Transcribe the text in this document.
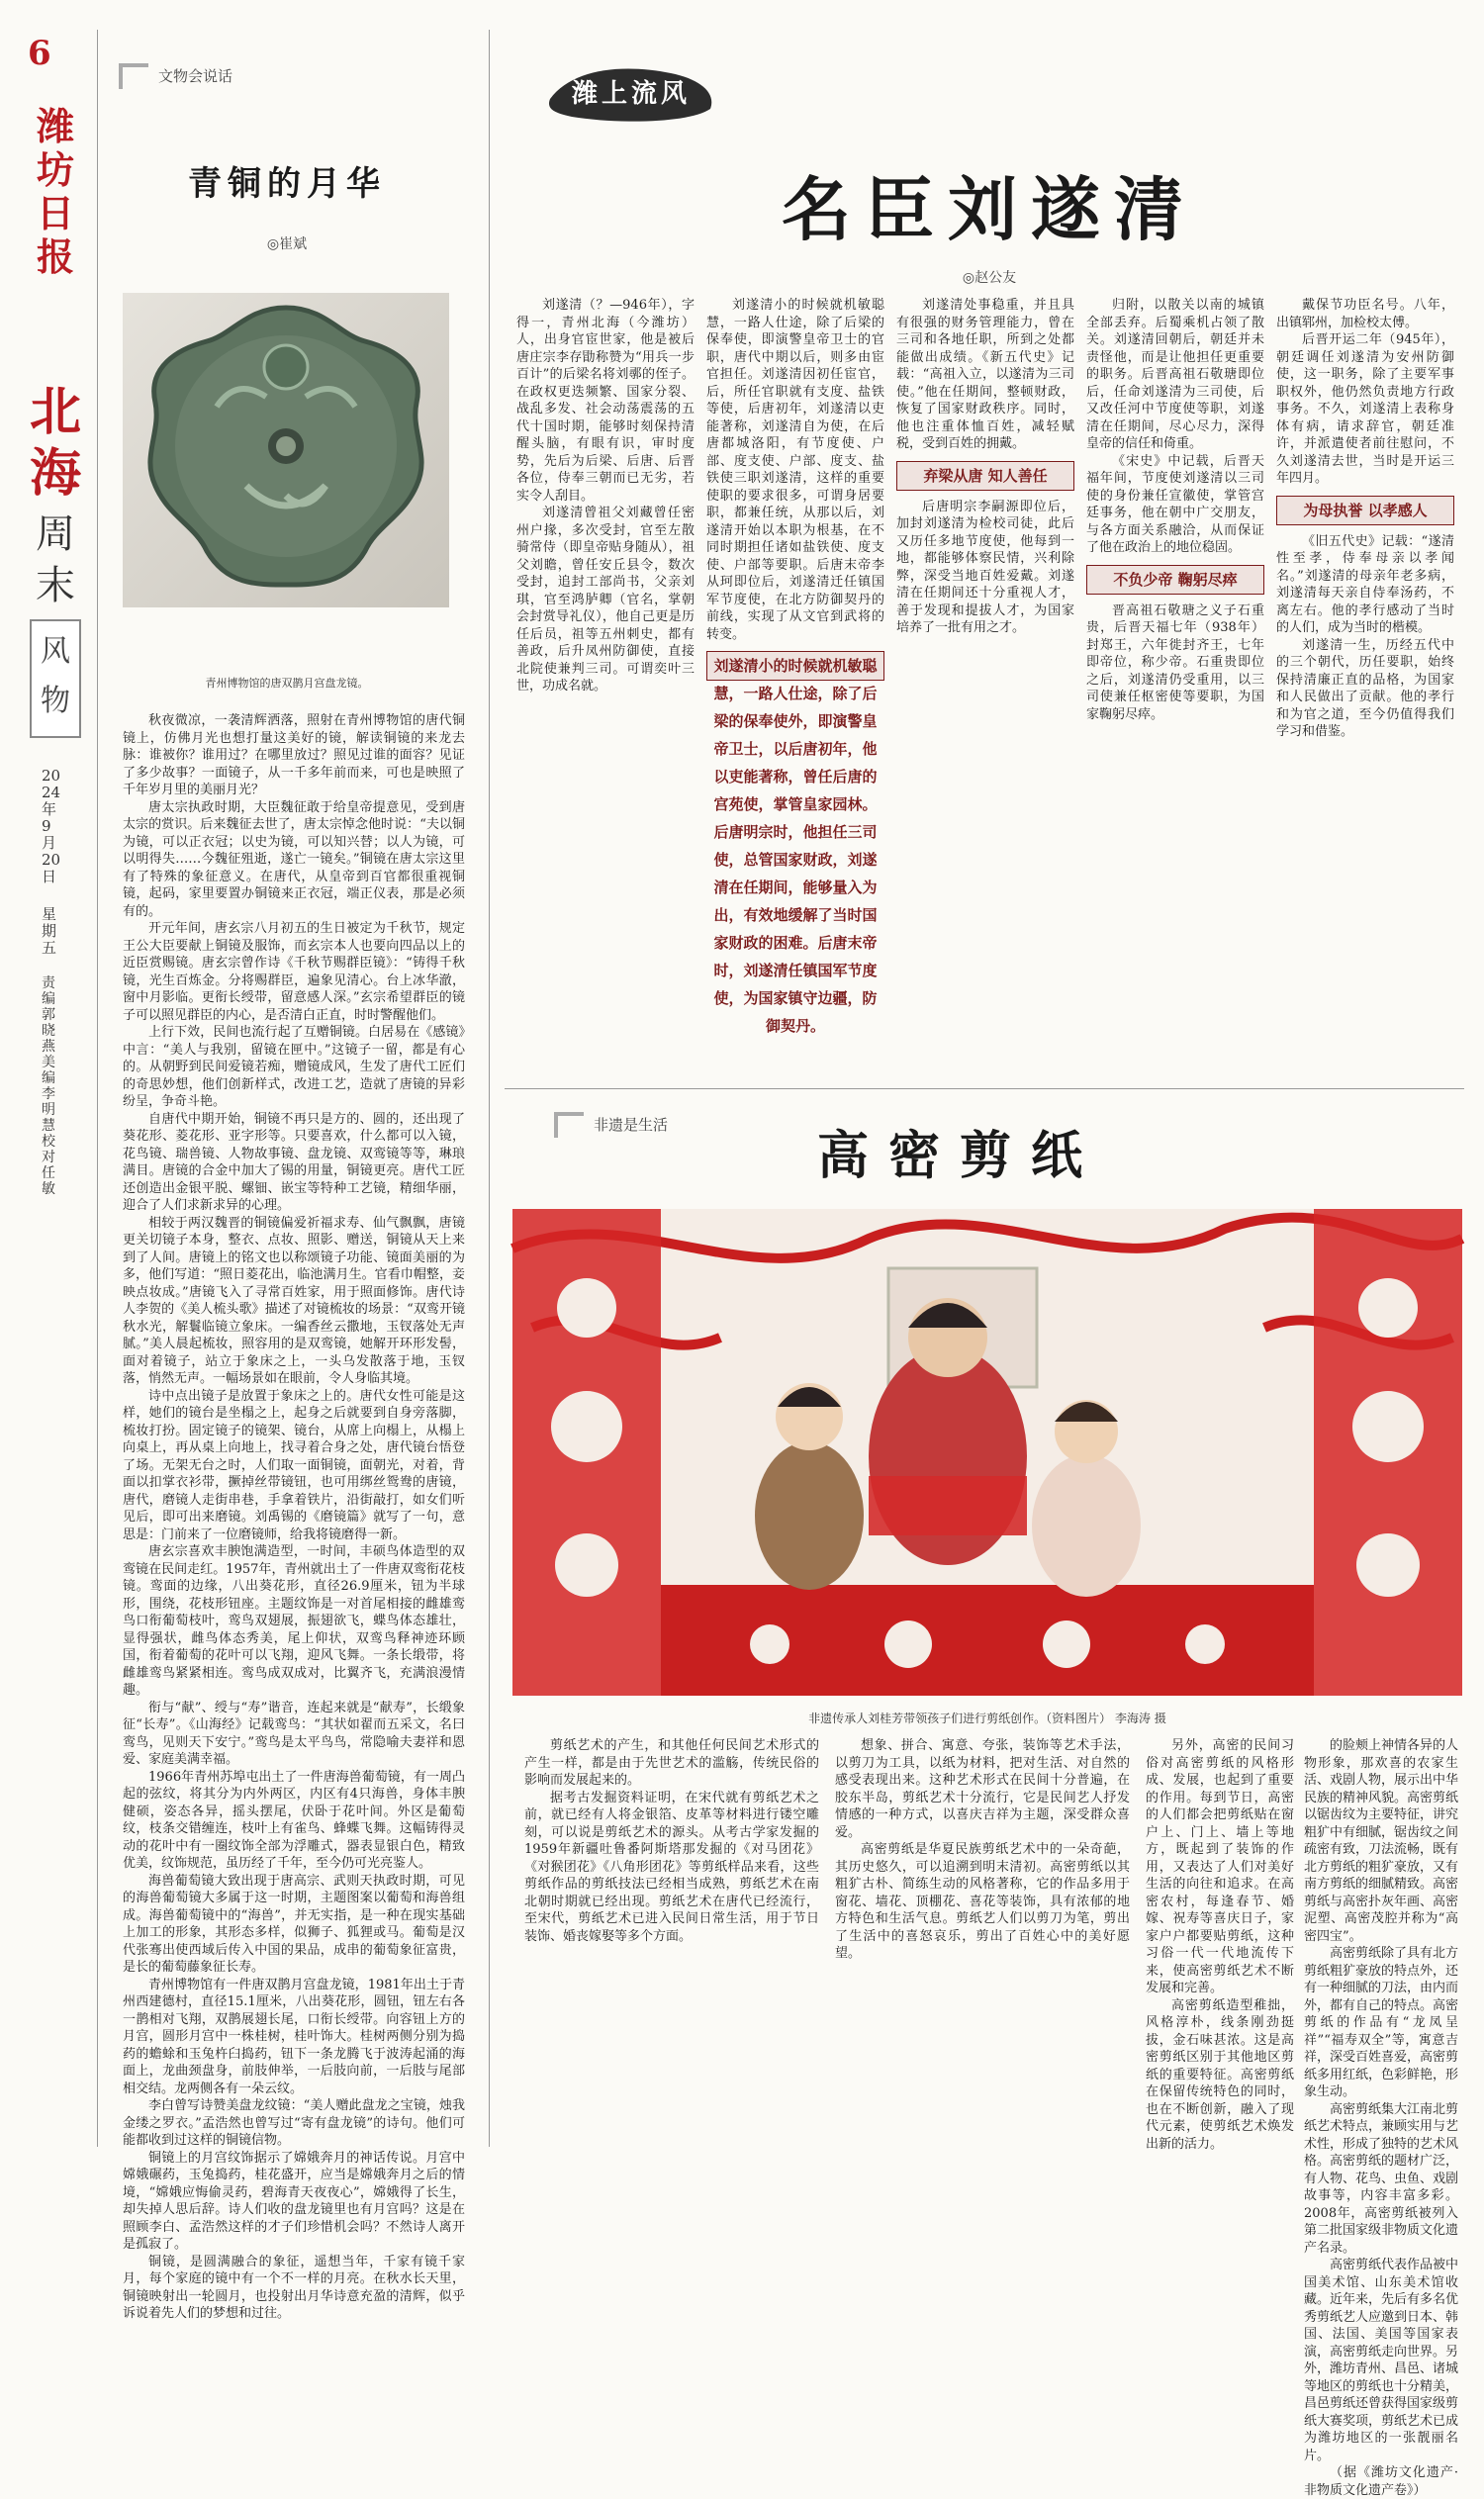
6
潍坊日报
北海
周末
风物
2024年9月20日
星期五
责编 郭晓燕 美编 李明慧 校对 任敏
文物会说话
青铜的月华
◎崔斌
青州博物馆的唐双鹊月宫盘龙镜。

秋夜微凉，一袭清辉洒落，照射在青州博物馆的唐代铜镜上，仿佛月光也想打量这美好的镜，解读铜镜的来龙去脉：谁被你？谁用过？在哪里放过？照见过谁的面容？见证了多少故事？一面镜子，从一千多年前而来，可也是映照了千年岁月里的美丽月光？

唐太宗执政时期，大臣魏征敢于给皇帝提意见，受到唐太宗的赏识。后来魏征去世了，唐太宗悼念他时说：“夫以铜为镜，可以正衣冠；以史为镜，可以知兴替；以人为镜，可以明得失……今魏征殂逝，遂亡一镜矣。”铜镜在唐太宗这里有了特殊的象征意义。在唐代，从皇帝到百官都很重视铜镜，起码，家里要置办铜镜来正衣冠，端正仪表，那是必须有的。

开元年间，唐玄宗八月初五的生日被定为千秋节，规定王公大臣要献上铜镜及服饰，而玄宗本人也要向四品以上的近臣赏赐镜。唐玄宗曾作诗《千秋节赐群臣镜》：“铸得千秋镜，光生百炼金。分将赐群臣，遍象见清心。台上冰华澈，窗中月影临。更衔长绶带，留意感人深。”玄宗希望群臣的镜子可以照见群臣的内心，是否清白正直，时时警醒他们。

上行下效，民间也流行起了互赠铜镜。白居易在《感镜》中言：“美人与我别，留镜在匣中。”这镜子一留，都是有心的。从朝野到民间爱镜若痴，赠镜成风，生发了唐代工匠们的奇思妙想，他们创新样式，改进工艺，造就了唐镜的异彩纷呈，争奇斗艳。

自唐代中期开始，铜镜不再只是方的、圆的，还出现了葵花形、菱花形、亚字形等。只要喜欢，什么都可以入镜，花鸟镜、瑞兽镜、人物故事镜、盘龙镜、双鸾镜等等，琳琅满目。唐镜的合金中加大了锡的用量，铜镜更亮。唐代工匠还创造出金银平脱、螺钿、嵌宝等特种工艺镜，精细华丽，迎合了人们求新求异的心理。

相较于两汉魏晋的铜镜偏爱祈福求寿、仙气飘飘，唐镜更关切镜子本身，整衣、点妆、照影、赠送，铜镜从天上来到了人间。唐镜上的铭文也以称颂镜子功能、镜面美丽的为多，他们写道：“照日菱花出，临池满月生。官看巾帽整，妾映点妆成。”唐镜飞入了寻常百姓家，用于照面修饰。唐代诗人李贺的《美人梳头歌》描述了对镜梳妆的场景：“双鸾开镜秋水光，解鬟临镜立象床。一编香丝云撒地，玉钗落处无声腻。”美人晨起梳妆，照容用的是双鸾镜，她解开环形发髻，面对着镜子，站立于象床之上，一头乌发散落于地，玉钗落，悄然无声。一幅场景如在眼前，令人身临其境。

诗中点出镜子是放置于象床之上的。唐代女性可能是这样，她们的镜台是坐榻之上，起身之后就要到自身旁落脚，梳妆打扮。固定镜子的镜架、镜台，从席上向榻上，从榻上向桌上，再从桌上向地上，找寻着合身之处，唐代镜台悟登了场。无架无台之时，人们取一面铜镜，面朝光，对着，背面以扣掌衣衫带，撅掉丝带镜钮，也可用绑丝鸳鸯的唐镜，唐代，磨镜人走街串巷，手拿着铁片，沿街敲打，如女们听见后，即可出来磨镜。刘禹锡的《磨镜篇》就写了一句，意思是：门前来了一位磨镜师，给我将镜磨得一新。

唐玄宗喜欢丰腴饱满造型，一时间，丰硕鸟体造型的双鸾镜在民间走红。1957年，青州就出土了一件唐双鸾衔花枝镜。鸾面的边缘，八出葵花形，直径26.9厘米，钮为半球形，围绕，花枝形钮座。主题纹饰是一对首尾相接的雌雄鸾鸟口衔葡萄枝叶，鸾鸟双翅展，振翅欲飞，蝶鸟体态雄壮，显得强状，雌鸟体态秀美，尾上仰状，双鸾鸟释神迹环顾国，衔着葡萄的花叶可以飞翔，迎风飞舞。一条长缎带，将雌雄鸾鸟紧紧相连。鸾鸟成双成对，比翼齐飞，充满浪漫情趣。

衔与“献”、绶与“寿”谐音，连起来就是“献寿”，长缎象征“长寿”。《山海经》记载鸾鸟：“其状如翟而五采文，名曰鸾鸟，见则天下安宁。”鸾鸟是太平鸟鸟，常隐喻夫妻祥和恩爱、家庭美满幸福。

1966年青州苏埠屯出土了一件唐海兽葡萄镜，有一周凸起的弦纹，将其分为内外两区，内区有4只海兽，身体丰腴健硕，姿态各异，摇头摆尾，伏卧于花叶间。外区是葡萄纹，枝条交错缠连，枝叶上有雀鸟、蜂蝶飞舞。这幅铸得灵动的花叶中有一圈纹饰全部为浮雕式，器表显银白色，精致优美，纹饰规范，虽历经了千年，至今仍可光亮鉴人。

海兽葡萄镜大致出现于唐高宗、武则天执政时期，可见的海兽葡萄镜大多属于这一时期，主题图案以葡萄和海兽组成。海兽葡萄镜中的“海兽”，并无实指，是一种在现实基础上加工的形象，其形态多样，似狮子、狐狸或马。葡萄是汉代张骞出使西域后传入中国的果品，成串的葡萄象征富贵，是长的葡萄藤象征长寿。

青州博物馆有一件唐双鹊月宫盘龙镜，1981年出土于青州西建德村，直径15.1厘米，八出葵花形，圆钮，钮左右各一鹊相对飞翔，双鹊展翅长尾，口衔长绶带。向容钮上方的月宫，圆形月宫中一株桂树，桂叶饰大。桂树两侧分别为捣药的蟾蜍和玉兔杵臼捣药，钮下一条龙腾飞于波涛起涌的海面上，龙曲颈盘身，前肢伸举，一后肢向前，一后肢与尾部相交结。龙两侧各有一朵云纹。

李白曾写诗赞美盘龙纹镜：“美人赠此盘龙之宝镜，烛我金缕之罗衣。”孟浩然也曾写过“寄有盘龙镜”的诗句。他们可能都收到过这样的铜镜信物。

铜镜上的月宫纹饰据示了嫦娥奔月的神话传说。月宫中嫦娥碾药，玉兔捣药，桂花盛开，应当是嫦娥奔月之后的情境，“嫦娥应悔偷灵药，碧海青天夜夜心”，嫦娥得了长生，却失掉人思后辞。诗人们收的盘龙镜里也有月宫吗？这是在照顾李白、孟浩然这样的才子们珍惜机会吗？不然诗人离开是孤寂了。

铜镜，是圆满融合的象征，遥想当年，千家有镜千家月，每个家庭的镜中有一个不一样的月亮。在秋水长天里，铜镜映射出一轮圆月，也投射出月华诗意充盈的清辉，似乎诉说着先人们的梦想和过往。

潍上流风
名臣刘遂清
◎赵公友

刘遂清（？—946年），字得一，青州北海（今潍坊）人，出身官宦世家，他是被后唐庄宗李存勖称赞为“用兵一步百计”的后梁名将刘鄩的侄子。在政权更迭频繁、国家分裂、战乱多发、社会动荡震荡的五代十国时期，能够时刻保持清醒头脑，有眼有识，审时度势，先后为后梁、后唐、后晋各位，侍奉三朝而已无劣，若实令人刮目。

刘遂清曾祖父刘藏曾任密州户掾，多次受封，官至左散骑常侍（即皇帝贴身随从），祖父刘瞻，曾任安丘县令，数次受封，追封工部尚书，父亲刘琪，官至鸿胪卿（官名，掌朝会封赏导礼仪），他自己更是历任后员，祖等五州刺史，都有善政，后升凤州防御使，直接北院使兼判三司。可谓奕叶三世，功成名就。

刘遂清小的时候就机敏聪慧，一路人仕途，除了后梁的保奉使，即演警皇帝卫士的官职，唐代中期以后，则多由宦官担任。刘遂清因初任宦官，后，所任官职就有支度、盐铁等使，后唐初年，刘遂清以吏能著称，刘遂清自为使，在后唐都城洛阳，有节度使、户部、度支使、户部、度支、盐铁使三职刘遂清，这样的重要使职的要求很多，可谓身居要职，都兼任统，从那以后，刘遂清开始以本职为根基，在不同时期担任诸如盐铁使、度支使、户部等要职。后唐末帝李从珂即位后，刘遂清迁任镇国军节度使，在北方防御契丹的前线，实现了从文官到武将的转变。

刘遂清小的时候就机敏聪慧，一路人仕途，除了后梁的保奉使外，即演警皇帝卫士，以后唐初年，他以吏能著称，曾任后唐的宫苑使，掌管皇家园林。后唐明宗时，他担任三司使，总管国家财政，刘遂清在任期间，能够量入为出，有效地缓解了当时国家财政的困难。后唐末帝时，刘遂清任镇国军节度使，为国家镇守边疆，防御契丹。

刘遂清处事稳重，并且具有很强的财务管理能力，曾在三司和各地任职，所到之处都能做出成绩。《新五代史》记载：“高祖入立，以遂清为三司使。”他在任期间，整顿财政，恢复了国家财政秩序。同时，他也注重体恤百姓，减轻赋税，受到百姓的拥戴。

弃梁从唐 知人善任

后唐明宗李嗣源即位后，加封刘遂清为检校司徒，此后又历任多地节度使，他每到一地，都能够体察民情，兴利除弊，深受当地百姓爱戴。刘遂清在任期间还十分重视人才，善于发现和提拔人才，为国家培养了一批有用之才。

归附，以散关以南的城镇全部丢弃。后蜀乘机占领了散关。刘遂清回朝后，朝廷并未责怪他，而是让他担任更重要的职务。后晋高祖石敬瑭即位后，任命刘遂清为三司使，后又改任河中节度使等职，刘遂清在任期间，尽心尽力，深得皇帝的信任和倚重。

《宋史》中记载，后晋天福年间，节度使刘遂清以三司使的身份兼任宣徽使，掌管宫廷事务，他在朝中广交朋友，与各方面关系融洽，从而保证了他在政治上的地位稳固。

不负少帝 鞠躬尽瘁

晋高祖石敬瑭之义子石重贵，后晋天福七年（938年）封郑王，六年徙封齐王，七年即帝位，称少帝。石重贵即位之后，刘遂清仍受重用，以三司使兼任枢密使等要职，为国家鞠躬尽瘁。

戴保节功臣名号。八年，出镇郓州，加检校太傅。

后晋开运二年（945年），朝廷调任刘遂清为安州防御使，这一职务，除了主要军事职权外，他仍然负责地方行政事务。不久，刘遂清上表称身体有病，请求辞官，朝廷准许，并派遣使者前往慰问，不久刘遂清去世，当时是开运三年四月。

为母执誉 以孝感人

《旧五代史》记载：“遂清性至孝，侍奉母亲以孝闻名。”刘遂清的母亲年老多病，刘遂清每天亲自侍奉汤药，不离左右。他的孝行感动了当时的人们，成为当时的楷模。

刘遂清一生，历经五代中的三个朝代，历任要职，始终保持清廉正直的品格，为国家和人民做出了贡献。他的孝行和为官之道，至今仍值得我们学习和借鉴。

非遗是生活
高密剪纸
非遗传承人刘桂芳带领孩子们进行剪纸创作。（资料图片） 李海涛 摄

剪纸艺术的产生，和其他任何民间艺术形式的产生一样，都是由于先世艺术的滥觞，传统民俗的影响而发展起来的。

据考古发掘资料证明，在宋代就有剪纸艺术之前，就已经有人将金银箔、皮革等材料进行镂空雕刻，可以说是剪纸艺术的源头。从考古学家发掘的1959年新疆吐鲁番阿斯塔那发掘的《对马团花》《对猴团花》《八角形团花》等剪纸样品来看，这些剪纸作品的剪纸技法已经相当成熟，剪纸艺术在南北朝时期就已经出现。剪纸艺术在唐代已经流行，至宋代，剪纸艺术已进入民间日常生活，用于节日装饰、婚丧嫁娶等多个方面。

想象、拼合、寓意、夸张，装饰等艺术手法，以剪刀为工具，以纸为材料，把对生活、对自然的感受表现出来。这种艺术形式在民间十分普遍，在胶东半岛，剪纸艺术十分流行，它是民间艺人抒发情感的一种方式，以喜庆吉祥为主题，深受群众喜爱。

高密剪纸是华夏民族剪纸艺术中的一朵奇葩，其历史悠久，可以追溯到明末清初。高密剪纸以其粗犷古朴、简练生动的风格著称，它的作品多用于窗花、墙花、顶棚花、喜花等装饰，具有浓郁的地方特色和生活气息。剪纸艺人们以剪刀为笔，剪出了生活中的喜怒哀乐，剪出了百姓心中的美好愿望。

另外，高密的民间习俗对高密剪纸的风格形成、发展，也起到了重要的作用。每到节日，高密的人们都会把剪纸贴在窗户上、门上、墙上等地方，既起到了装饰的作用，又表达了人们对美好生活的向往和追求。在高密农村，每逢春节、婚嫁、祝寿等喜庆日子，家家户户都要贴剪纸，这种习俗一代一代地流传下来，使高密剪纸艺术不断发展和完善。

高密剪纸造型稚拙，风格淳朴，线条刚劲挺拔，金石味甚浓。这是高密剪纸区别于其他地区剪纸的重要特征。高密剪纸在保留传统特色的同时，也在不断创新，融入了现代元素，使剪纸艺术焕发出新的活力。

的脸颊上神情各异的人物形象，那欢喜的农家生活、戏剧人物，展示出中华民族的精神风貌。高密剪纸以锯齿纹为主要特征，讲究粗犷中有细腻，锯齿纹之间疏密有致，刀法流畅，既有北方剪纸的粗犷豪放，又有南方剪纸的细腻精致。高密剪纸与高密扑灰年画、高密泥塑、高密茂腔并称为“高密四宝”。

高密剪纸除了具有北方剪纸粗犷豪放的特点外，还有一种细腻的刀法，由内而外，都有自己的特点。高密剪纸的作品有“龙凤呈祥”“福寿双全”等，寓意吉祥，深受百姓喜爱，高密剪纸多用红纸，色彩鲜艳，形象生动。

高密剪纸集大江南北剪纸艺术特点，兼顾实用与艺术性，形成了独特的艺术风格。高密剪纸的题材广泛，有人物、花鸟、虫鱼、戏剧故事等，内容丰富多彩。2008年，高密剪纸被列入第二批国家级非物质文化遗产名录。

高密剪纸代表作品被中国美术馆、山东美术馆收藏。近年来，先后有多名优秀剪纸艺人应邀到日本、韩国、法国、美国等国家表演，高密剪纸走向世界。另外，潍坊青州、昌邑、诸城等地区的剪纸也十分精美，昌邑剪纸还曾获得国家级剪纸大赛奖项，剪纸艺术已成为潍坊地区的一张靓丽名片。

（据《潍坊文化遗产·非物质文化遗产卷》）
